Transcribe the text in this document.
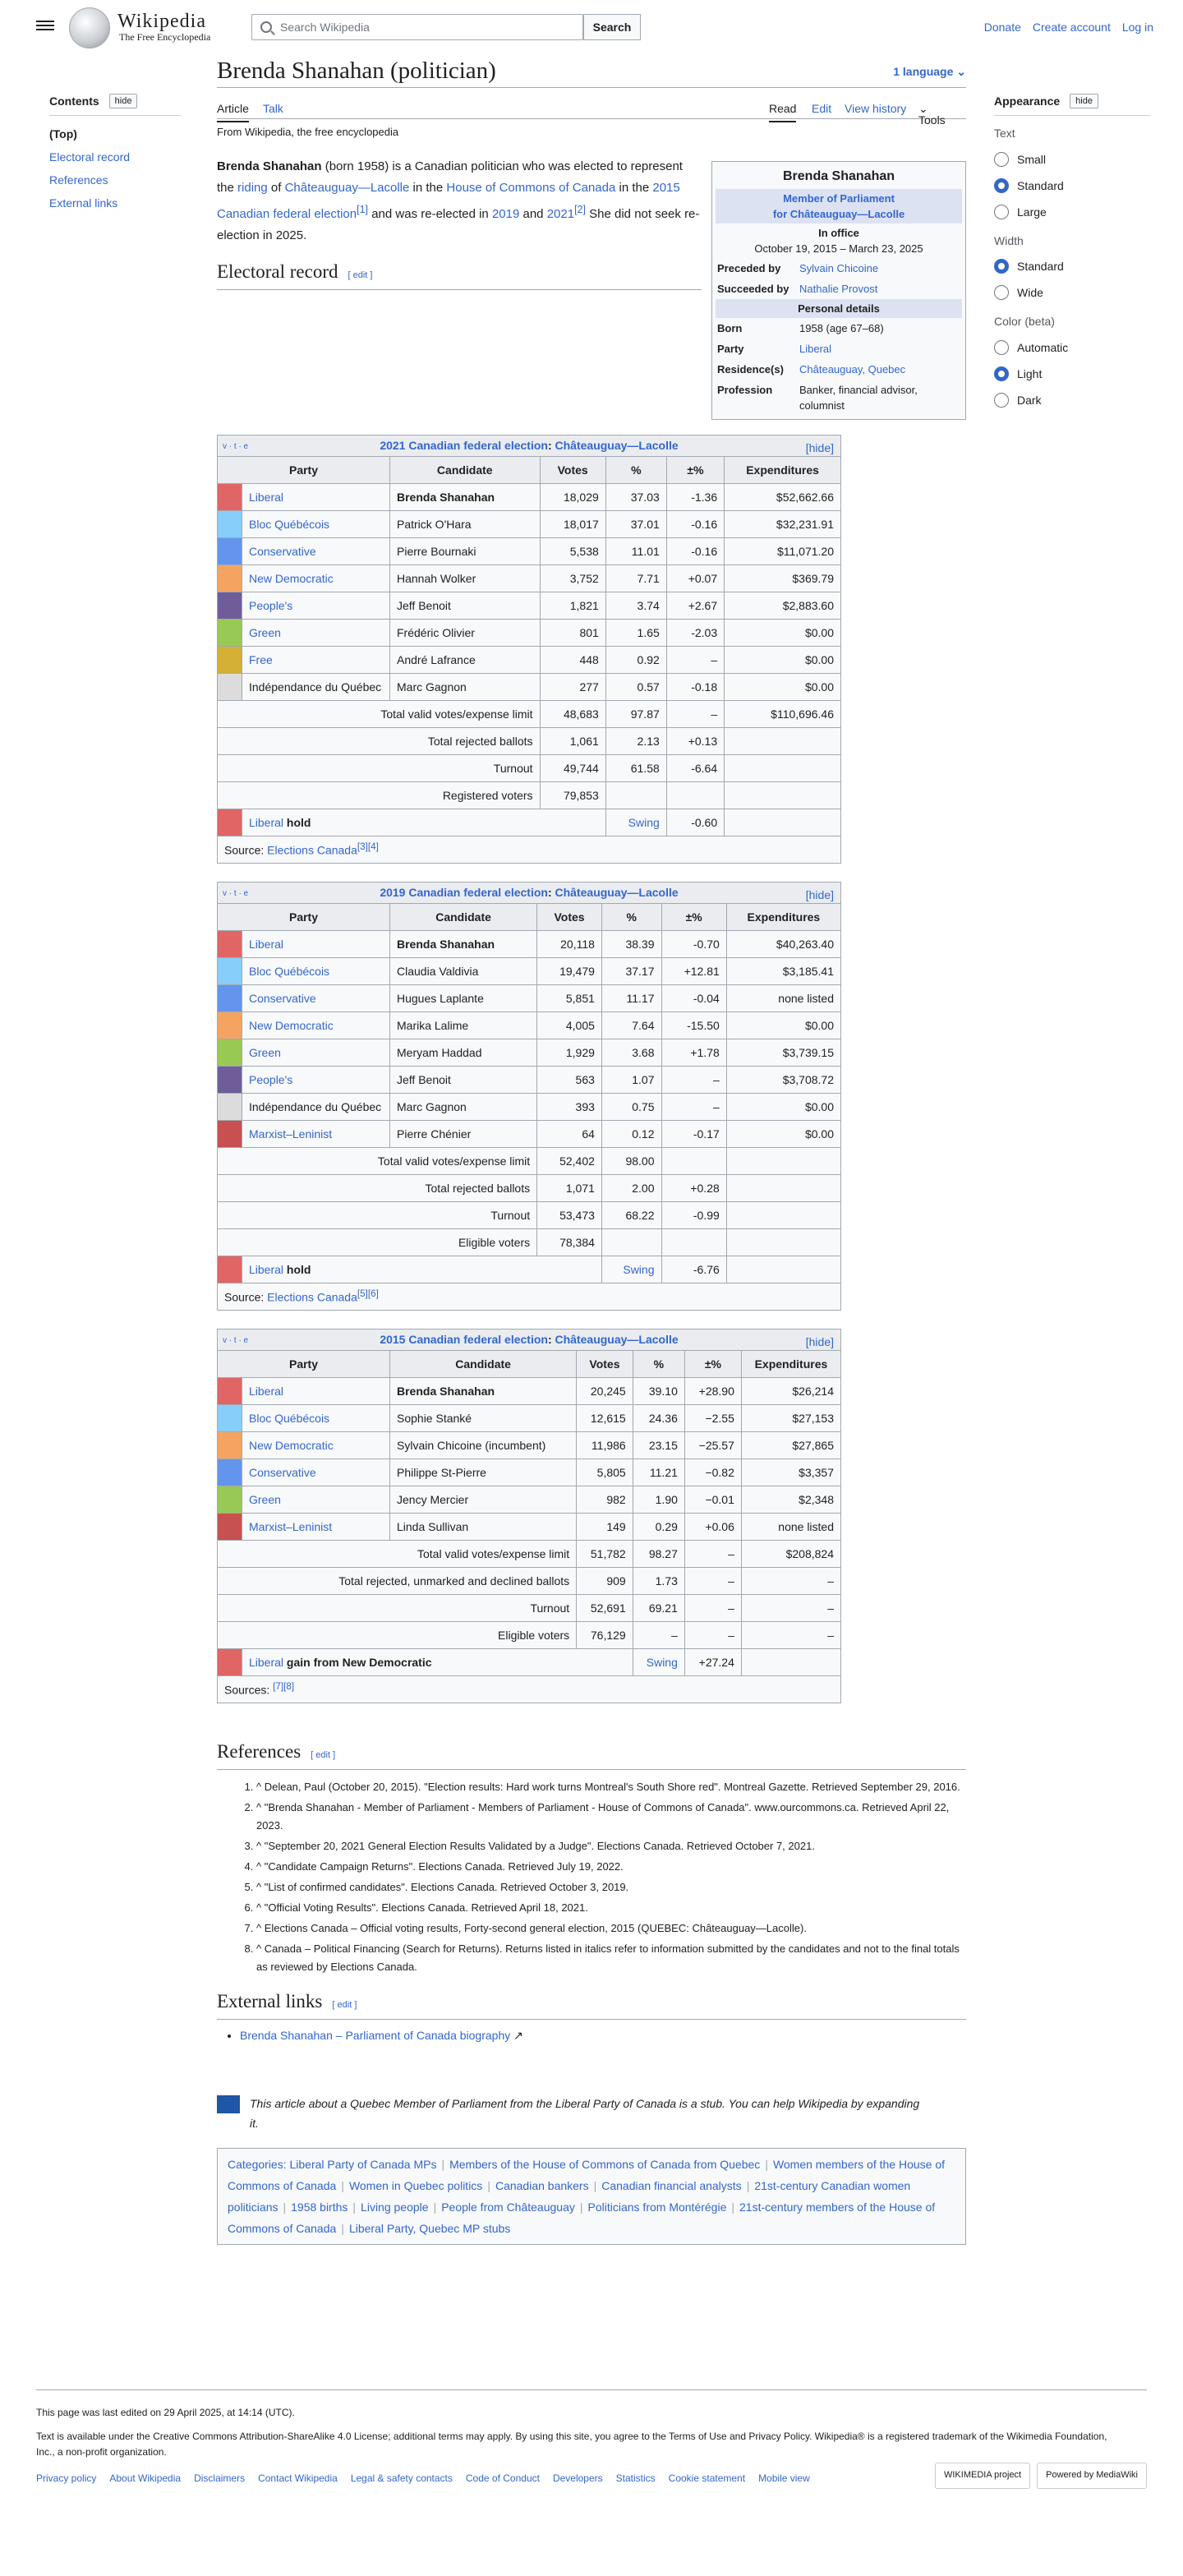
Wikipedia
The Free Encyclopedia
Search Wikipedia	Search	Donate Create account Log in
Contents	hide
(Top)
Electoral record
References
External links
Appearance	hide
Text
Small
Standard
Large
Width
Standard
Wide
Color (beta)
Automatic
Light
Dark
Brenda Shanahan (politician)	1 language ⌄
Article Talk	Read Edit View history
Tools
⌄
From Wikipedia, the free encyclopedia
Brenda Shanahan
Member of Parliament
for Châteauguay—Lacolle
In office
October 19, 2015 – March 23, 2025
Preceded by	Sylvain Chicoine
Succeeded by Nathalie Provost
Personal details
Born	1958 (age 67–68)
Party	Liberal
Residence(s)	Châteauguay, Quebec
Profession	Banker, financial advisor, columnist

Brenda Shanahan (born 1958) is a Canadian politician who was elected to represent the riding of Châteauguay—Lacolle in the House of Commons of Canada in the 2015 Canadian federal election[1] and was re-elected in 2019 and 2021[2] She did not seek re-election in 2025.

Electoral record [ edit ]
v · t · e 2021 Canadian federal election: Châteauguay—Lacolle [hide]						

Party		Candidate	Votes	%	±%	Expenditures
	Liberal	Brenda Shanahan	18,029	37.03	-1.36	$52,662.66
	Bloc Québécois	Patrick O'Hara	18,017	37.01	-0.16	$32,231.91
	Conservative	Pierre Bournaki	5,538	11.01	-0.16	$11,071.20
	New Democratic	Hannah Wolker	3,752	7.71	+0.07	$369.79
	People's	Jeff Benoit	1,821	3.74	+2.67	$2,883.60
	Green	Frédéric Olivier	801	1.65	-2.03	$0.00
	Free	André Lafrance	448	0.92	–	$0.00
	Indépendance du Québec	Marc Gagnon	277	0.57	-0.18	$0.00
Total valid votes/expense limit			48,683	97.87	–	$110,696.46
Total rejected ballots			1,061	2.13	+0.13	
Turnout			49,744	61.58	-6.64	
Registered voters			79,853			
	Liberal hold			Swing	-0.60	
Source: Elections Canada[3][4]
v · t · e 2019 Canadian federal election: Châteauguay—Lacolle [hide]						

Party		Candidate	Votes	%	±%	Expenditures
	Liberal	Brenda Shanahan	20,118	38.39	-0.70	$40,263.40
	Bloc Québécois	Claudia Valdivia	19,479	37.17	+12.81	$3,185.41
	Conservative	Hugues Laplante	5,851	11.17	-0.04	none listed
	New Democratic	Marika Lalime	4,005	7.64	-15.50	$0.00
	Green	Meryam Haddad	1,929	3.68	+1.78	$3,739.15
	People's	Jeff Benoit	563	1.07	–	$3,708.72
	Indépendance du Québec	Marc Gagnon	393	0.75	–	$0.00
	Marxist–Leninist	Pierre Chénier	64	0.12	-0.17	$0.00
Total valid votes/expense limit			52,402	98.00		
Total rejected ballots			1,071	2.00	+0.28	
Turnout			53,473	68.22	-0.99	
Eligible voters			78,384			
	Liberal hold			Swing	-6.76	
Source: Elections Canada[5][6]
v · t · e 2015 Canadian federal election: Châteauguay—Lacolle [hide]						

Party		Candidate	Votes	%	±%	Expenditures
	Liberal	Brenda Shanahan	20,245	39.10	+28.90	$26,214
	Bloc Québécois	Sophie Stanké	12,615	24.36	−2.55	$27,153
	New Democratic	Sylvain Chicoine (incumbent)	11,986	23.15	−25.57	$27,865
	Conservative	Philippe St-Pierre	5,805	11.21	−0.82	$3,357
	Green	Jency Mercier	982	1.90	−0.01	$2,348
	Marxist–Leninist	Linda Sullivan	149	0.29	+0.06	none listed
Total valid votes/expense limit			51,782	98.27	–	$208,824
Total rejected, unmarked and declined ballots			909	1.73	–	–
Turnout			52,691	69.21	–	–
Eligible voters			76,129	–	–	–
	Liberal gain from New Democratic			Swing	+27.24	
Sources: [7][8]
References [ edit ]
1. ^ Delean, Paul (October 20, 2015). "Election results: Hard work turns Montreal's South Shore red". Montreal Gazette. Retrieved September 29, 2016.
2. ^ "Brenda Shanahan - Member of Parliament - Members of Parliament - House of Commons of Canada". www.ourcommons.ca. Retrieved April 22, 2023.
3. ^ "September 20, 2021 General Election Results Validated by a Judge". Elections Canada. Retrieved October 7, 2021.
4. ^ "Candidate Campaign Returns". Elections Canada. Retrieved July 19, 2022.
5. ^ "List of confirmed candidates". Elections Canada. Retrieved October 3, 2019.
6. ^ "Official Voting Results". Elections Canada. Retrieved April 18, 2021.
7. ^ Elections Canada – Official voting results, Forty-second general election, 2015 (QUEBEC: Châteauguay—Lacolle).
8. ^ Canada – Political Financing (Search for Returns). Returns listed in italics refer to information submitted by the candidates and not to the final totals as reviewed by Elections Canada.
External links [ edit ]
• Brenda Shanahan – Parliament of Canada biography ↗
This article about a Quebec Member of Parliament from the Liberal Party of Canada is a stub. You can help Wikipedia by expanding it.
Categories: Liberal Party of Canada MPs | Members of the House of Commons of Canada from Quebec | Women members of the House of Commons of Canada | Women in Quebec politics | Canadian bankers | Canadian financial analysts | 21st-century Canadian women politicians | 1958 births | Living people | People from Châteauguay | Politicians from Montérégie | 21st-century members of the House of Commons of Canada | Liberal Party, Quebec MP stubs
This page was last edited on 29 April 2025, at 14:14 (UTC).
Text is available under the Creative Commons Attribution-ShareAlike 4.0 License; additional terms may apply. By using this site, you agree to the Terms of Use and Privacy Policy. Wikipedia® is a registered trademark of the Wikimedia Foundation, Inc., a non-profit organization.
Privacy policy About Wikipedia Disclaimers Contact Wikipedia Legal & safety contacts Code of Conduct Developers Statistics Cookie statement Mobile view	WIKIMEDIA project	Powered by MediaWiki
